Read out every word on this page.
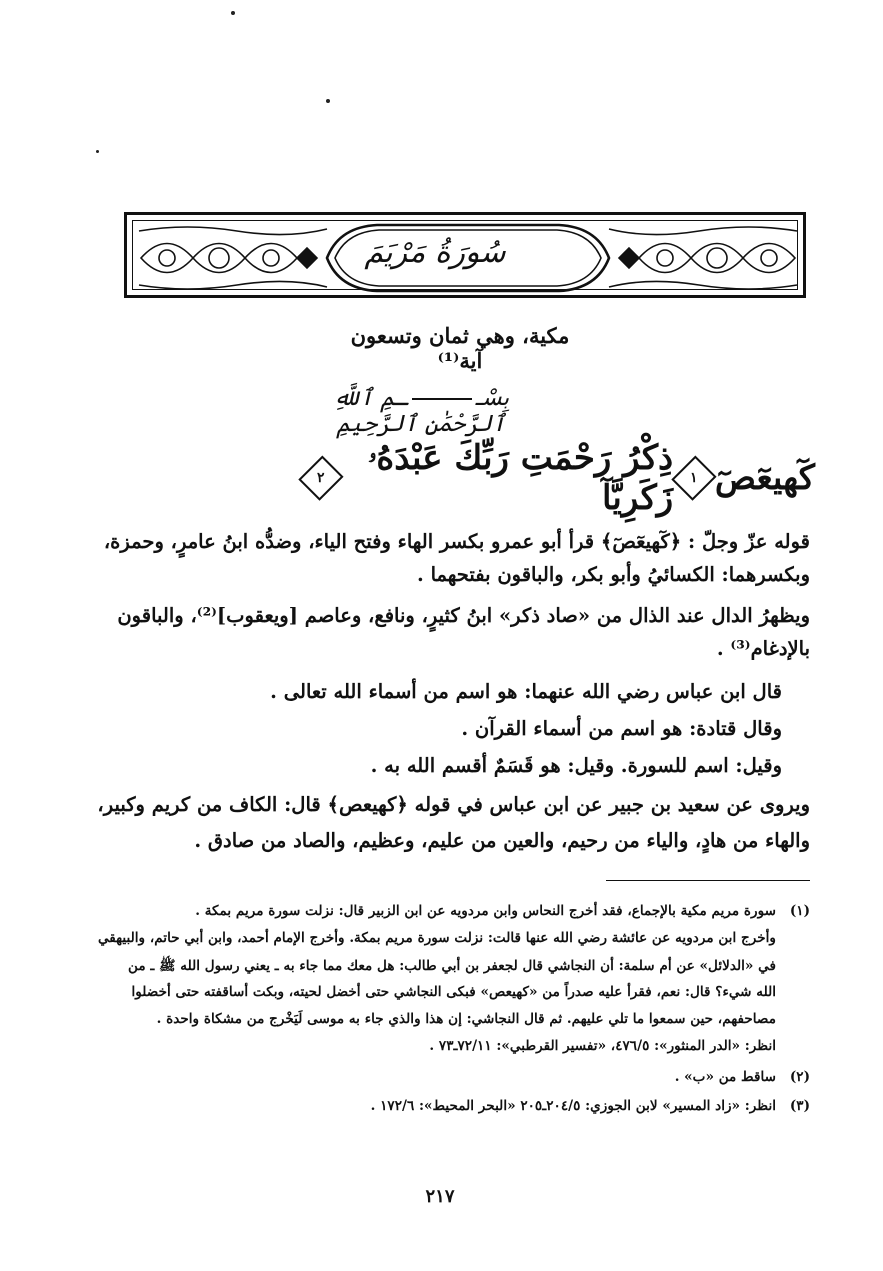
سُورَةُ مَرْيَمَ
مكية، وهي ثمان وتسعون آية⁽¹⁾
بِسْــمِ ٱللَّهِ ٱلرَّحْمَٰنِ ٱلرَّحِيمِ
كٓهيعٓصٓ
١
ذِكْرُ رَحْمَتِ رَبِّكَ عَبْدَهُۥ زَكَرِيَّآ
٢
قوله عزّ وجلّ : ﴿كٓهيعٓصٓ﴾ قرأ أبو عمرو بكسر الهاء وفتح الياء، وضدُّه ابنُ عامرٍ، وحمزة،
وبكسرهما: الكسائيُ وأبو بكر، والباقون بفتحهما .
ويظهرُ الدال عند الذال من «صاد ذكر» ابنُ كثيرٍ، ونافع، وعاصم [ويعقوب]⁽²⁾، والباقون
بالإدغام⁽³⁾ .
قال ابن عباس رضي الله عنهما: هو اسم من أسماء الله تعالى .
وقال قتادة: هو اسم من أسماء القرآن .
وقيل: اسم للسورة. وقيل: هو قَسَمٌ أقسم الله به .
ويروى عن سعيد بن جبير عن ابن عباس في قوله ﴿كهيعص﴾ قال: الكاف من كريم وكبير،
والهاء من هادٍ، والياء من رحيم، والعين من عليم، وعظيم، والصاد من صادق .
(١)سورة مريم مكية بالإجماع، فقد أخرج النحاس وابن مردويه عن ابن الزبير قال: نزلت سورة مريم بمكة .
وأخرج ابن مردويه عن عائشة رضي الله عنها قالت: نزلت سورة مريم بمكة. وأخرج الإمام أحمد، وابن أبي حاتم، والبيهقي
في «الدلائل» عن أم سلمة: أن النجاشي قال لجعفر بن أبي طالب: هل معك مما جاء به ـ يعني رسول الله ﷺ ـ من
الله شيء؟ قال: نعم، فقرأ عليه صدراً من «كهيعص» فبكى النجاشي حتى أخضل لحيته، وبكت أساقفته حتى أخضلوا
مصاحفهم، حين سمعوا ما تلي عليهم. ثم قال النجاشي: إن هذا والذي جاء به موسى لَيَخْرج من مشكاة واحدة .
انظر: «الدر المنثور»: ٤٧٦/٥، «تفسير القرطبي»: ٧٢/١١ـ٧٣ .
(٢)ساقط من «ب» .
(٣)انظر: «زاد المسير» لابن الجوزي: ٢٠٤/٥ـ٢٠٥ «البحر المحيط»: ١٧٢/٦ .
٢١٧
